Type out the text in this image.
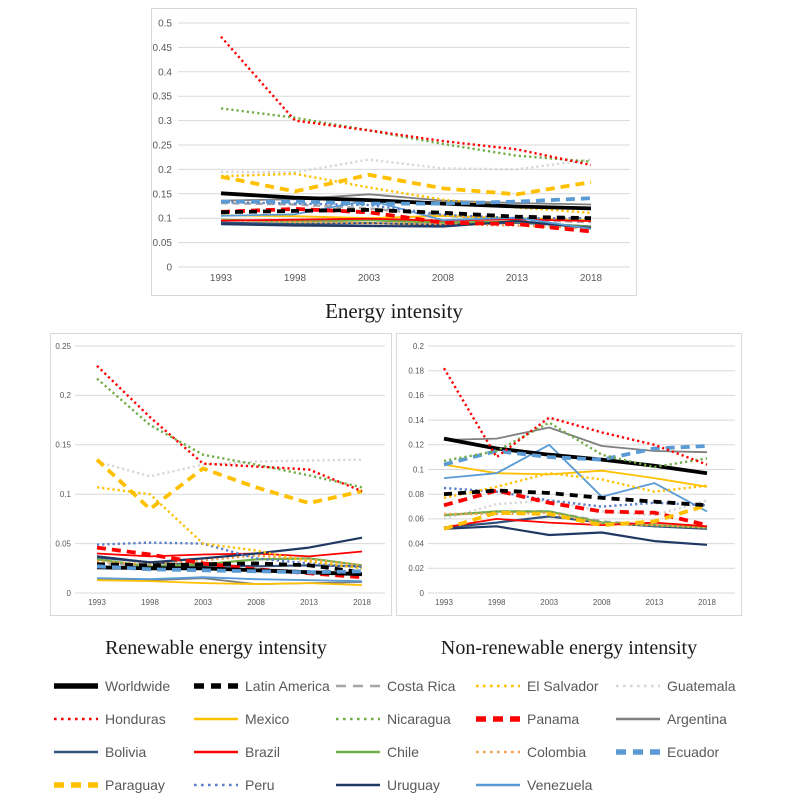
0
0.05
0.1
0.15
0.2
0.25
0.3
0.35
0.4
0.45
0.5
1993	1998	2003	2008	2013	2018
0
0.05
0.1
0.15
0.2
0.25
1993	1998	2003	2008	2013	2018
0
0.02
0.04
0.06
0.08
0.1
0.12
0.14
0.16
0.18
0.2
1993	1998	2003	2008	2013	2018
Energy intensity
Renewable energy intensity	Non-renewable energy intensity
Worldwide	Latin America	Costa Rica	El Salvador	Guatemala
Honduras	Mexico	Nicaragua	Panama	Argentina
Bolivia	Brazil	Chile	Colombia	Ecuador
Paraguay	Peru	Uruguay	Venezuela
